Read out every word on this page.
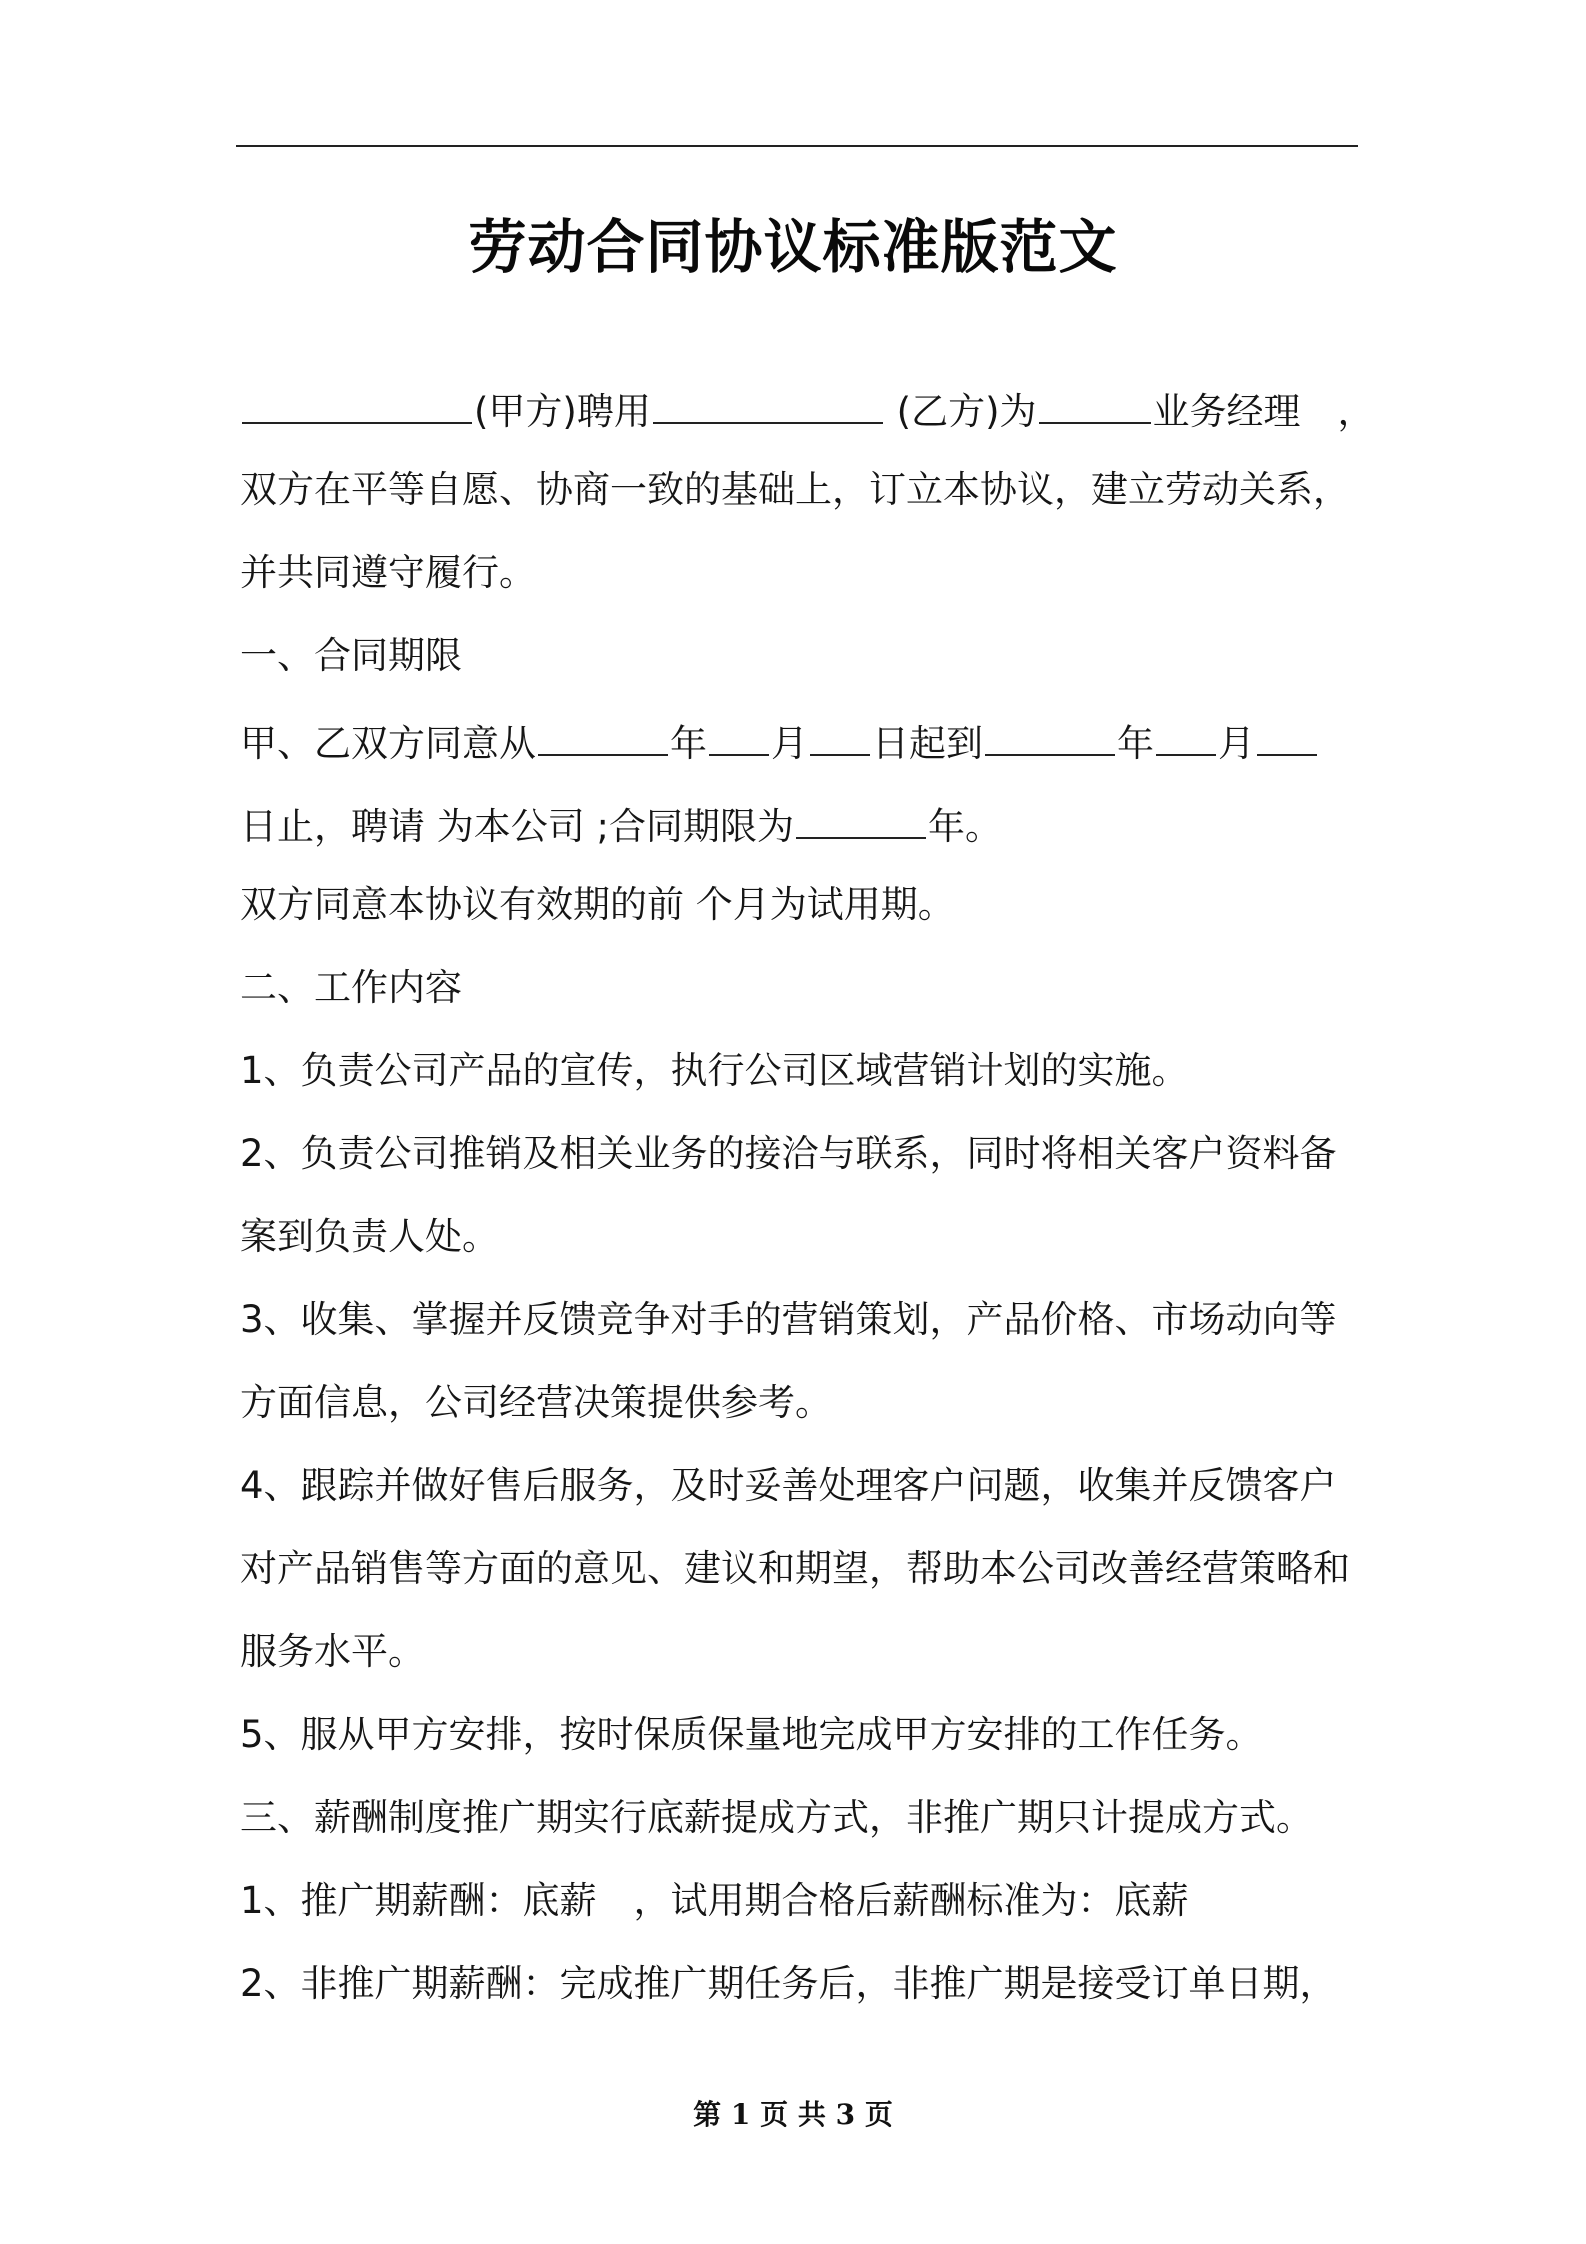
劳动合同协议标准版范文
(甲方)聘用	(乙方)为	业务经理　，
双方在平等自愿、协商一致的基础上，订立本协议，建立劳动关系，
并共同遵守履行。
一、合同期限
甲、乙双方同意从	年 月 日起到	年 月
日止，聘请 为本公司 ;合同期限为	年。
双方同意本协议有效期的前 个月为试用期。
二、工作内容
1、负责公司产品的宣传，执行公司区域营销计划的实施。
2、负责公司推销及相关业务的接洽与联系，同时将相关客户资料备
案到负责人处。
3、收集、掌握并反馈竞争对手的营销策划，产品价格、市场动向等
方面信息，公司经营决策提供参考。
4、跟踪并做好售后服务，及时妥善处理客户问题，收集并反馈客户
对产品销售等方面的意见、建议和期望，帮助本公司改善经营策略和
服务水平。
5、服从甲方安排，按时保质保量地完成甲方安排的工作任务。
三、薪酬制度推广期实行底薪提成方式，非推广期只计提成方式。
1、推广期薪酬：底薪　，试用期合格后薪酬标准为：底薪
2、非推广期薪酬：完成推广期任务后，非推广期是接受订单日期，
第 1 页 共 3 页
